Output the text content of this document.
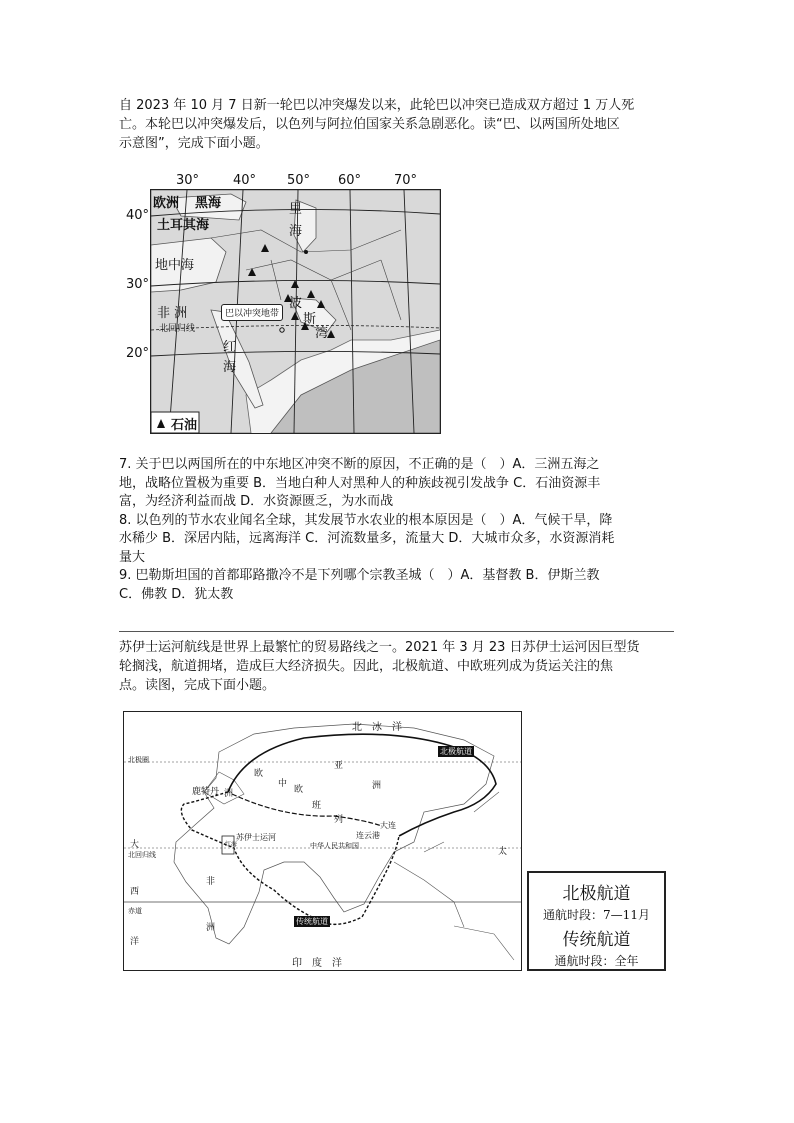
自 2023 年 10 月 7 日新一轮巴以冲突爆发以来，此轮巴以冲突已造成双方超过 1 万人死
亡。本轮巴以冲突爆发后，以色列与阿拉伯国家关系急剧恶化。读“巴、以两国所处地区
示意图”，完成下面小题。
30°	40° 50° 60°	70°
40°
30°
20°
欧洲 黑海
土耳其海
里
海
地中海
非 洲
北回归线
波
斯
湾
红
海
巴以冲突地带
石油
7. 关于巴以两国所在的中东地区冲突不断的原因，不正确的是（　）A．三洲五海之
地，战略位置极为重要 B．当地白种人对黑种人的种族歧视引发战争 C．石油资源丰
富，为经济利益而战 D．水资源匮乏，为水而战
8. 以色列的节水农业闻名全球，其发展节水农业的根本原因是（　）A．气候干旱，降
水稀少 B．深居内陆，远离海洋 C．河流数量多，流量大 D．大城市众多，水资源消耗
量大
9. 巴勒斯坦国的首都耶路撒冷不是下列哪个宗教圣城（　）A．基督教 B．伊斯兰教
C．佛教 D．犹太教
苏伊士运河航线是世界上最繁忙的贸易路线之一。2021 年 3 月 23 日苏伊士运河因巨型货
轮搁浅，航道拥堵，造成巨大经济损失。因此，北极航道、中欧班列成为货运关注的焦
点。读图，完成下面小题。
北　冰　洋
北极圈
北极航道
欧
洲
亚
洲
中
欧
班
列
鹿特丹
苏伊士运河
红海
大连
连云港
中华人民共和国
北回归线
大
非
洲
西
赤道
洋
传统航道
印　度　洋
太
北极航道
通航时段：7—11月
传统航道
通航时段：全年
